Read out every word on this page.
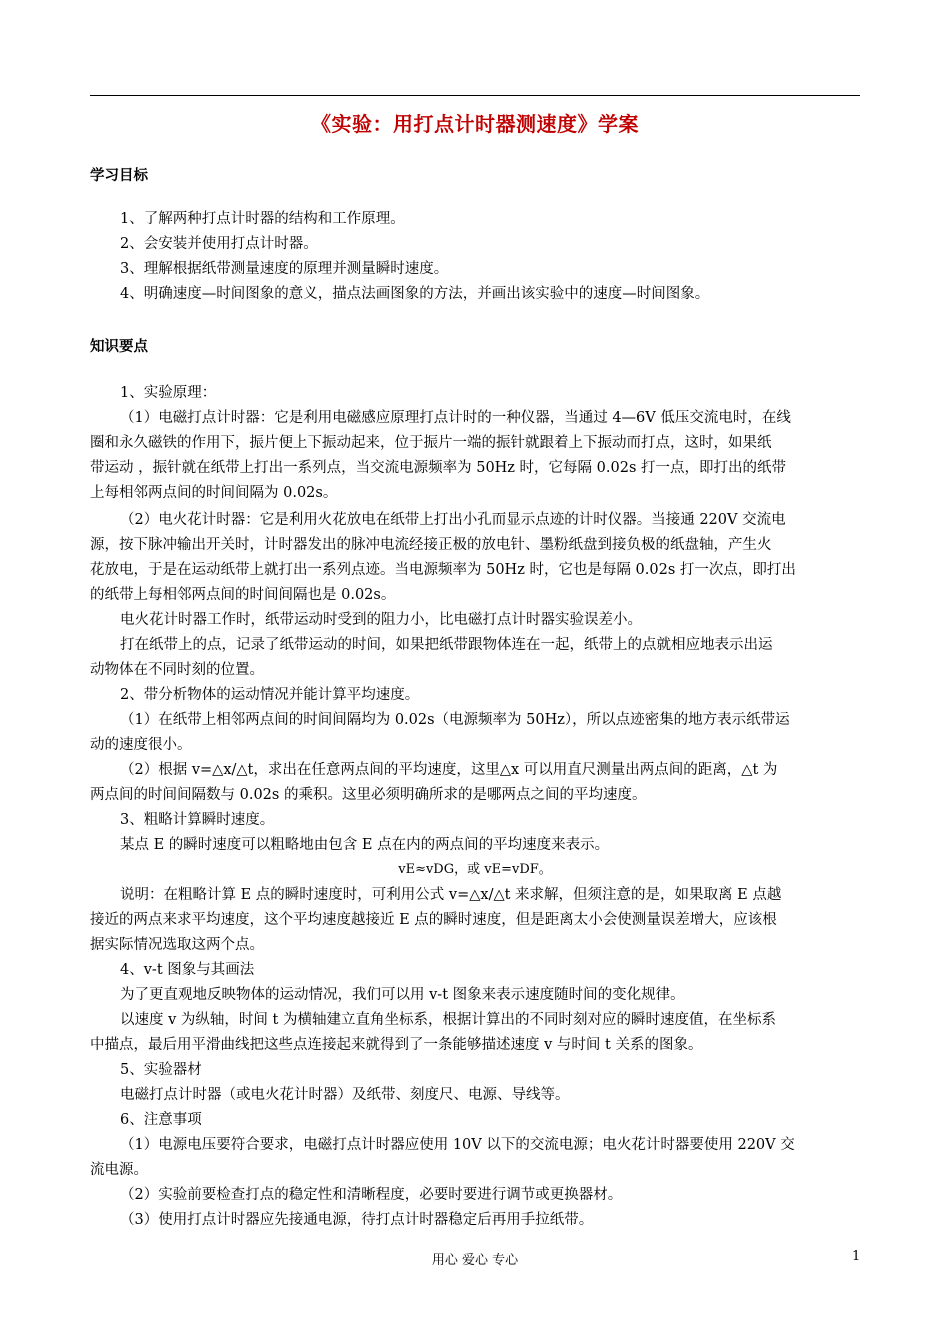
《实验：用打点计时器测速度》学案
学习目标
1、了解两种打点计时器的结构和工作原理。
2、会安装并使用打点计时器。
3、理解根据纸带测量速度的原理并测量瞬时速度。
4、明确速度—时间图象的意义，描点法画图象的方法，并画出该实验中的速度—时间图象。
知识要点
1、实验原理：
（1）电磁打点计时器：它是利用电磁感应原理打点计时的一种仪器，当通过 4—6V 低压交流电时，在线
圈和永久磁铁的作用下，振片便上下振动起来，位于振片一端的振针就跟着上下振动而打点，这时，如果纸
带运动 ，振针就在纸带上打出一系列点，当交流电源频率为 50Hz 时，它每隔 0.02s 打一点，即打出的纸带
上每相邻两点间的时间间隔为 0.02s。
（2）电火花计时器：它是利用火花放电在纸带上打出小孔而显示点迹的计时仪器。当接通 220V 交流电
源，按下脉冲输出开关时，计时器发出的脉冲电流经接正极的放电针、墨粉纸盘到接负极的纸盘轴，产生火
花放电，于是在运动纸带上就打出一系列点迹。当电源频率为 50Hz 时，它也是每隔 0.02s 打一次点，即打出
的纸带上每相邻两点间的时间间隔也是 0.02s。
电火花计时器工作时，纸带运动时受到的阻力小，比电磁打点计时器实验误差小。
打在纸带上的点，记录了纸带运动的时间，如果把纸带跟物体连在一起，纸带上的点就相应地表示出运
动物体在不同时刻的位置。
2、带分析物体的运动情况并能计算平均速度。
（1）在纸带上相邻两点间的时间间隔均为 0.02s（电源频率为 50Hz），所以点迹密集的地方表示纸带运
动的速度很小。
（2）根据 v=△x/△t，求出在任意两点间的平均速度，这里△x 可以用直尺测量出两点间的距离，△t 为
两点间的时间间隔数与 0.02s 的乘积。这里必须明确所求的是哪两点之间的平均速度。
3、粗略计算瞬时速度。
某点 E 的瞬时速度可以粗略地由包含 E 点在内的两点间的平均速度来表示。
vE≈vDG，或 vE=vDF。
说明：在粗略计算 E 点的瞬时速度时，可利用公式 v=△x/△t 来求解，但须注意的是，如果取离 E 点越
接近的两点来求平均速度，这个平均速度越接近 E 点的瞬时速度，但是距离太小会使测量误差增大，应该根
据实际情况选取这两个点。
4、v-t 图象与其画法
为了更直观地反映物体的运动情况，我们可以用 v-t 图象来表示速度随时间的变化规律。
以速度 v 为纵轴，时间 t 为横轴建立直角坐标系，根据计算出的不同时刻对应的瞬时速度值，在坐标系
中描点，最后用平滑曲线把这些点连接起来就得到了一条能够描述速度 v 与时间 t 关系的图象。
5、实验器材
电磁打点计时器（或电火花计时器）及纸带、刻度尺、电源、导线等。
6、注意事项
（1）电源电压要符合要求，电磁打点计时器应使用 10V 以下的交流电源；电火花计时器要使用 220V 交
流电源。
（2）实验前要检查打点的稳定性和清晰程度，必要时要进行调节或更换器材。
（3）使用打点计时器应先接通电源，待打点计时器稳定后再用手拉纸带。
用心 爱心 专心	1
